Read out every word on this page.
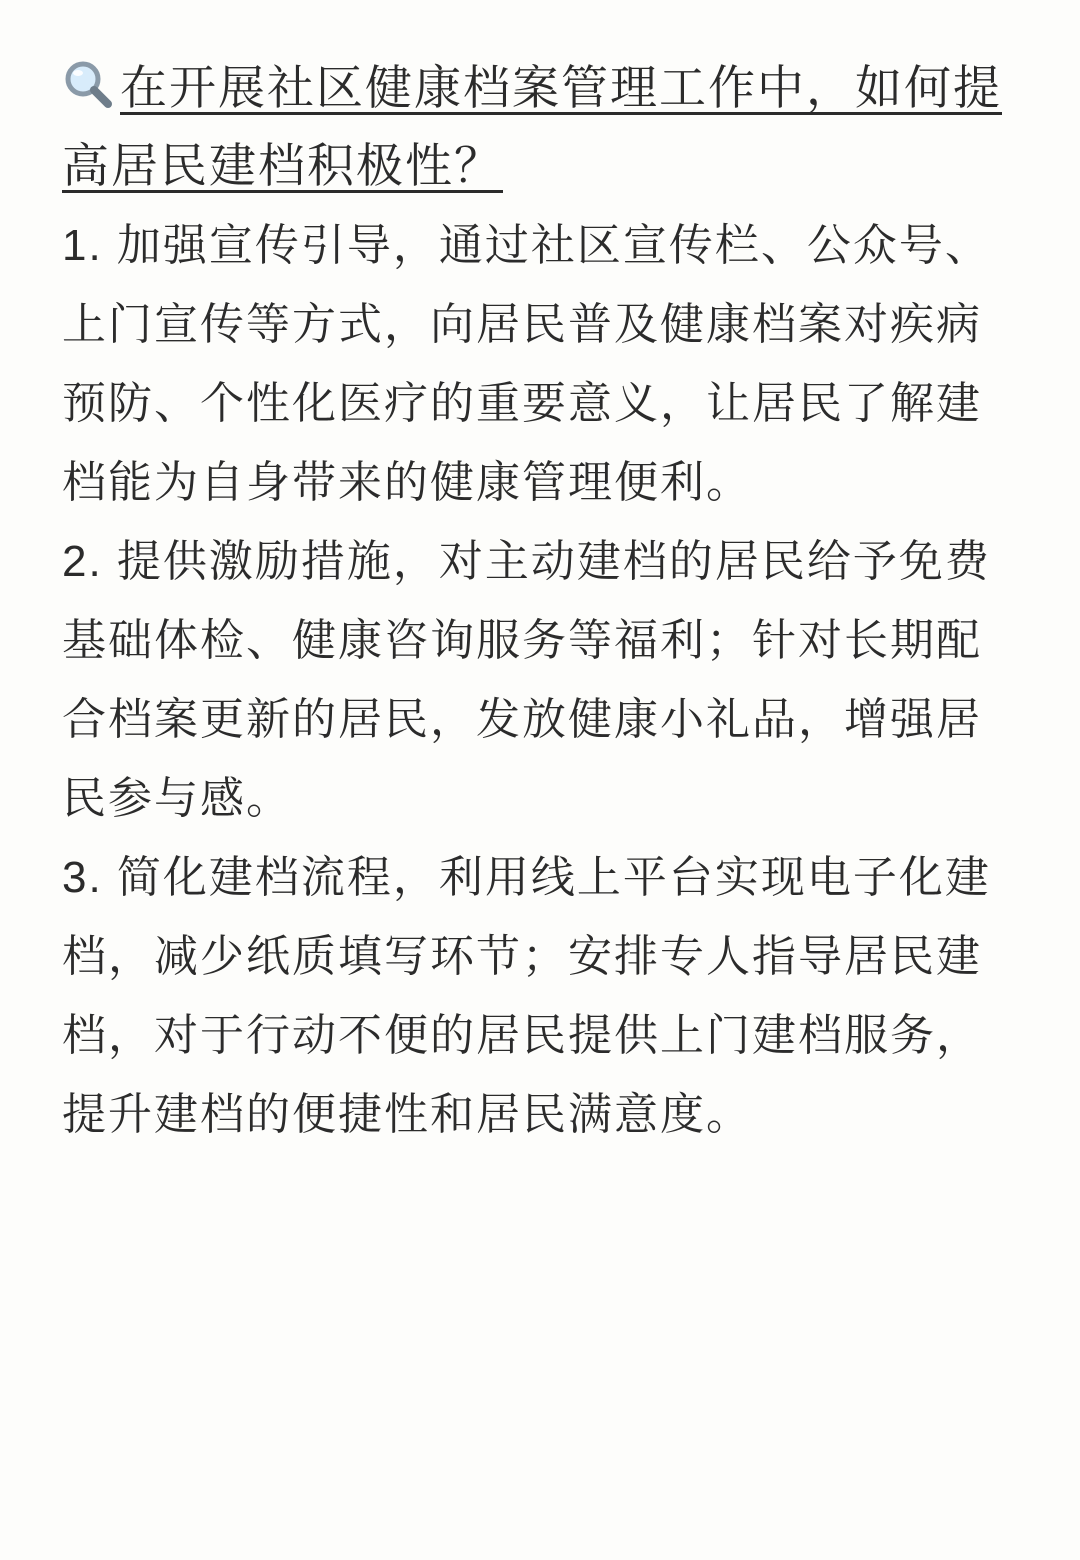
在开展社区健康档案管理工作中，如何提高居民建档积极性？

1. 加强宣传引导，通过社区宣传栏、公众号、上门宣传等方式，向居民普及健康档案对疾病预防、个性化医疗的重要意义，让居民了解建档能为自身带来的健康管理便利。

2. 提供激励措施，对主动建档的居民给予免费基础体检、健康咨询服务等福利；针对长期配合档案更新的居民，发放健康小礼品，增强居民参与感。

3. 简化建档流程，利用线上平台实现电子化建档，减少纸质填写环节；安排专人指导居民建档，对于行动不便的居民提供上门建档服务，提升建档的便捷性和居民满意度。
